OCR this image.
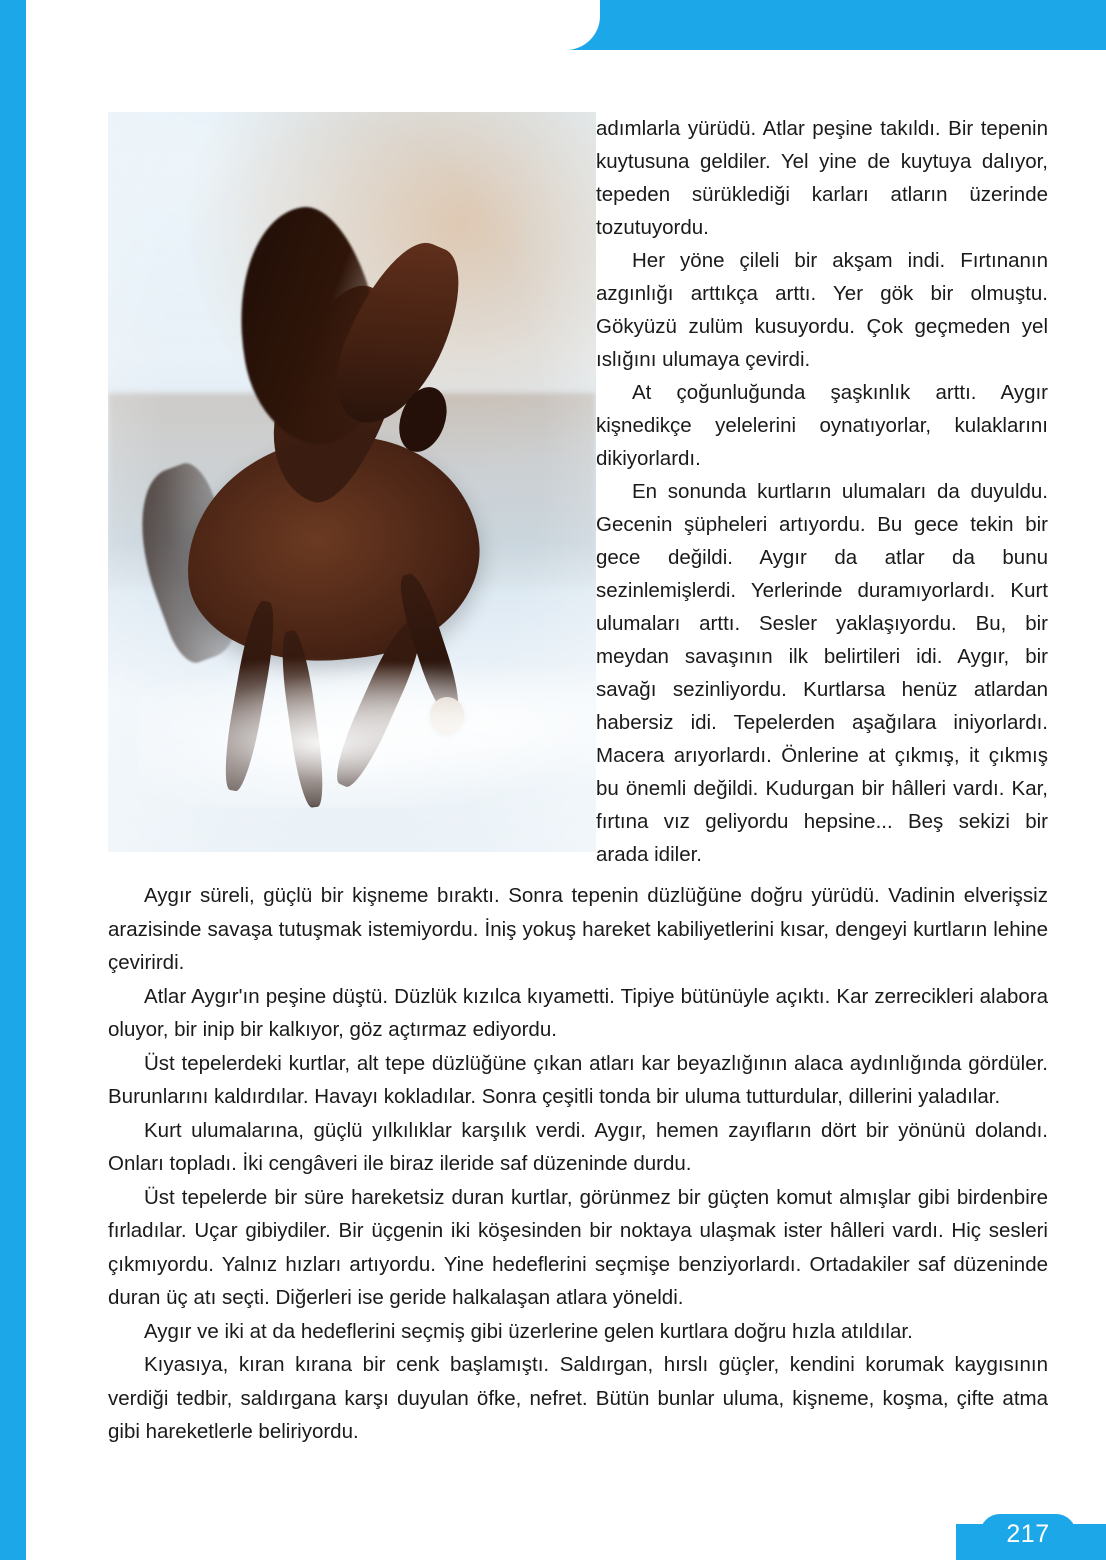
217

adımlarla yürüdü. Atlar peşine takıldı. Bir tepenin kuytusuna geldiler. Yel yine de kuytuya dalıyor, tepeden sürüklediği karları atların üzerinde tozutuyordu.

Her yöne çileli bir akşam indi. Fırtınanın azgınlığı arttıkça arttı. Yer gök bir olmuştu. Gökyüzü zulüm kusuyordu. Çok geçmeden yel ıslığını ulumaya çevirdi.

At çoğunluğunda şaşkınlık arttı. Aygır kişnedikçe yelelerini oynatıyorlar, kulaklarını dikiyorlardı.

En sonunda kurtların ulumaları da duyuldu. Gecenin şüpheleri artıyordu. Bu gece tekin bir gece değildi. Aygır da atlar da bunu sezinlemişlerdi. Yerlerinde duramıyorlardı. Kurt ulumaları arttı. Sesler yaklaşıyordu. Bu, bir meydan savaşının ilk belirtileri idi. Aygır, bir savağı sezinliyordu. Kurtlarsa henüz atlardan habersiz idi. Tepelerden aşağılara iniyorlardı. Macera arıyorlardı. Önlerine at çıkmış, it çıkmış bu önemli değildi. Kudurgan bir hâlleri vardı. Kar, fırtına vız geliyordu hepsine... Beş sekizi bir arada idiler.

Aygır süreli, güçlü bir kişneme bıraktı. Sonra tepenin düzlüğüne doğru yürüdü. Vadinin elverişsiz arazisinde savaşa tutuşmak istemiyordu. İniş yokuş hareket kabiliyetlerini kısar, dengeyi kurtların lehine çevirirdi.

Atlar Aygır'ın peşine düştü. Düzlük kızılca kıyametti. Tipiye bütünüyle açıktı. Kar zerrecikleri alabora oluyor, bir inip bir kalkıyor, göz açtırmaz ediyordu.

Üst tepelerdeki kurtlar, alt tepe düzlüğüne çıkan atları kar beyazlığının alaca aydınlığında gördüler. Burunlarını kaldırdılar. Havayı kokladılar. Sonra çeşitli tonda bir uluma tutturdular, dillerini yaladılar.

Kurt ulumalarına, güçlü yılkılıklar karşılık verdi. Aygır, hemen zayıfların dört bir yönünü dolandı. Onları topladı. İki cengâveri ile biraz ileride saf düzeninde durdu.

Üst tepelerde bir süre hareketsiz duran kurtlar, görünmez bir güçten komut almışlar gibi birdenbire fırladılar. Uçar gibiydiler. Bir üçgenin iki köşesinden bir noktaya ulaşmak ister hâlleri vardı. Hiç sesleri çıkmıyordu. Yalnız hızları artıyordu. Yine hedeflerini seçmişe benziyorlardı. Ortadakiler saf düzeninde duran üç atı seçti. Diğerleri ise geride halkalaşan atlara yöneldi.

Aygır ve iki at da hedeflerini seçmiş gibi üzerlerine gelen kurtlara doğru hızla atıldılar.

Kıyasıya, kıran kırana bir cenk başlamıştı. Saldırgan, hırslı güçler, kendini korumak kaygısının verdiği tedbir, saldırgana karşı duyulan öfke, nefret. Bütün bunlar uluma, kişneme, koşma, çifte atma gibi hareketlerle beliriyordu.
